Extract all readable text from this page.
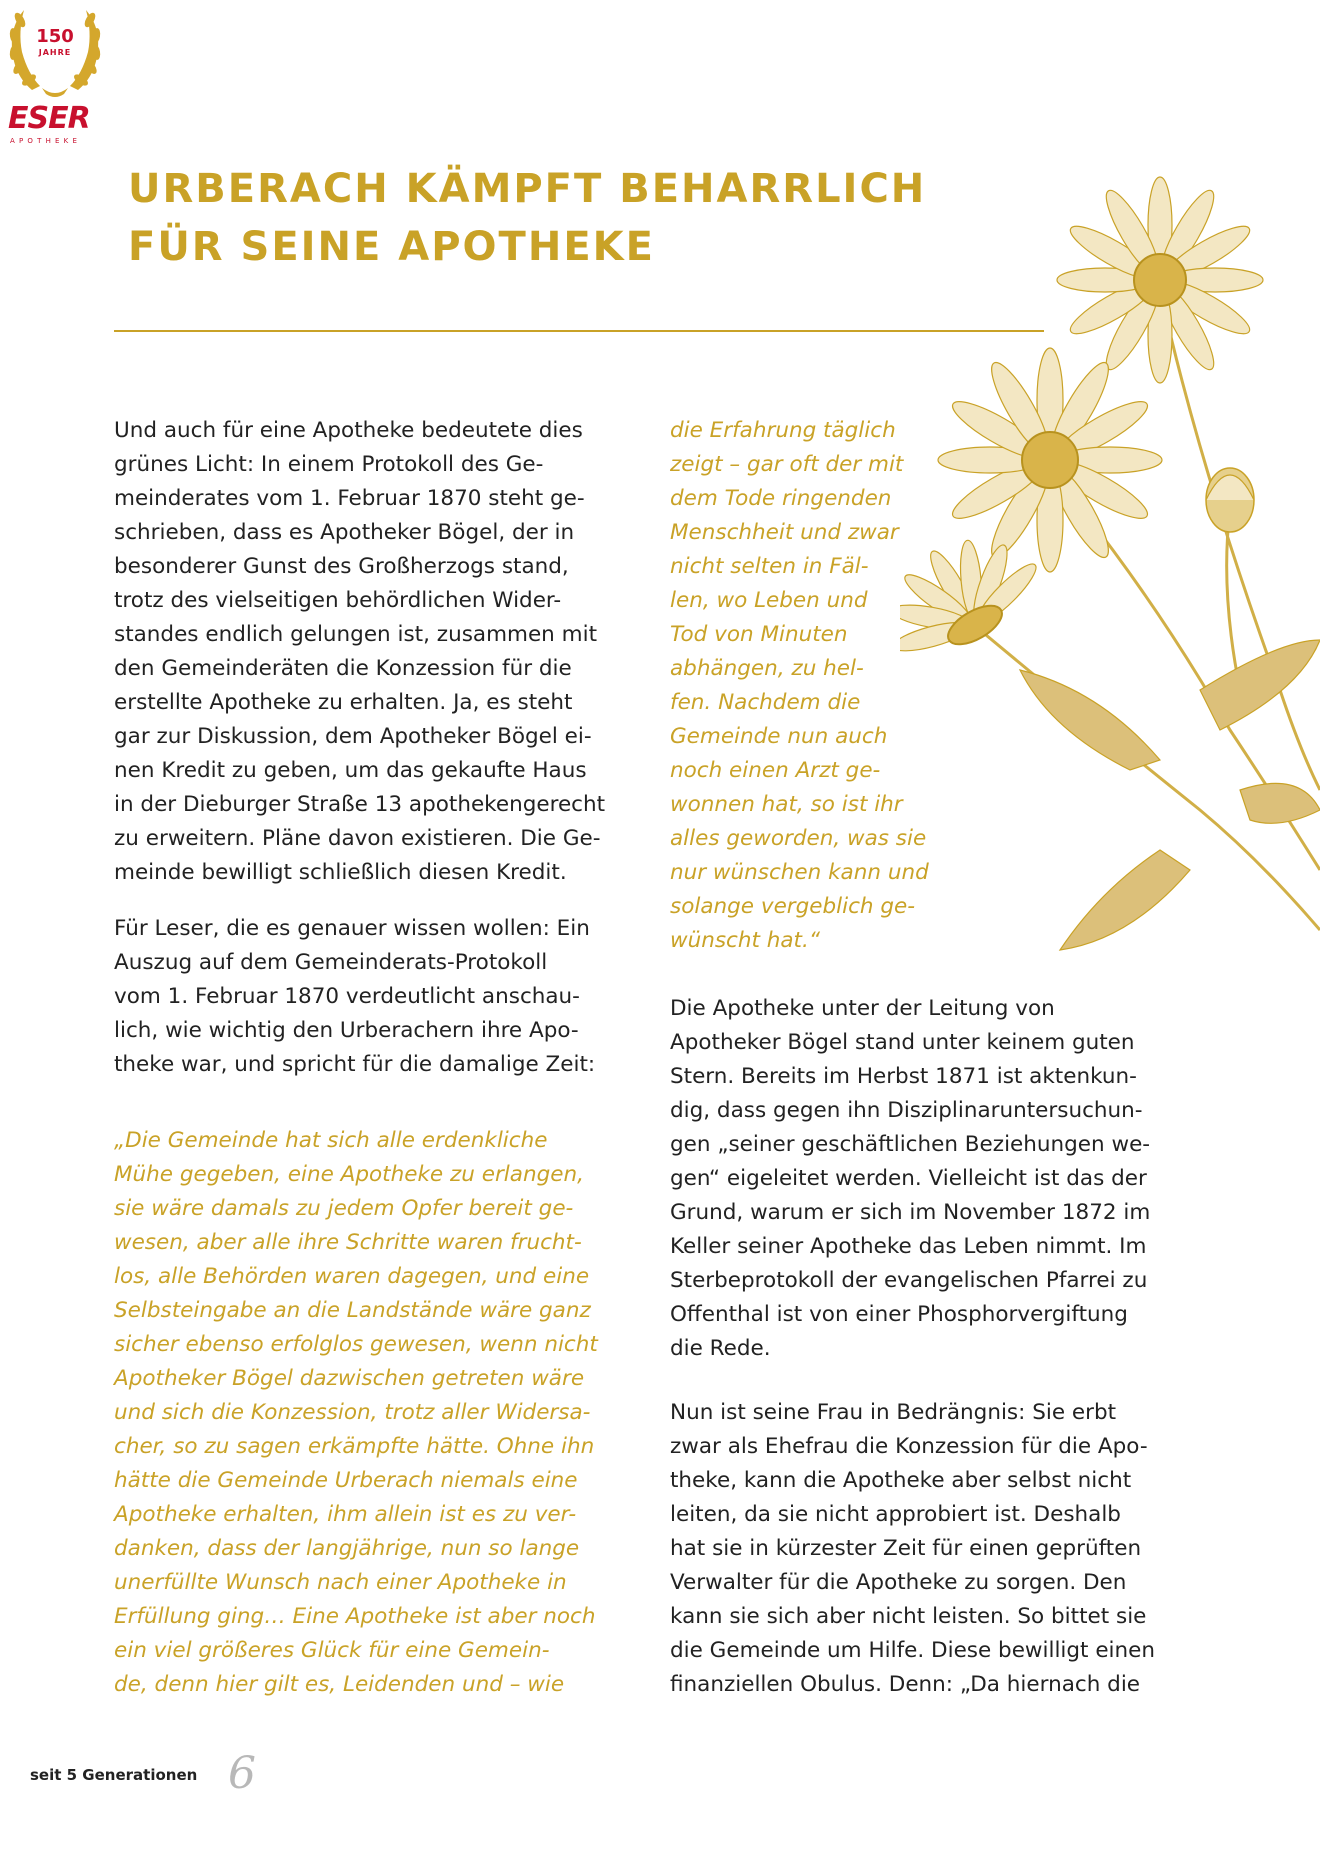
150
JAHRE
ESER
APOTHEKE
URBERACH KÄMPFT BEHARRLICH
FÜR SEINE APOTHEKE
Und auch für eine Apotheke bedeutete dies
grünes Licht: In einem Protokoll des Ge-
meinderates vom 1. Februar 1870 steht ge-
schrieben, dass es Apotheker Bögel, der in
besonderer Gunst des Großherzogs stand,
trotz des vielseitigen behördlichen Wider-
standes endlich gelungen ist, zusammen mit
den Gemeinderäten die Konzession für die
erstellte Apotheke zu erhalten. Ja, es steht
gar zur Diskussion, dem Apotheker Bögel ei-
nen Kredit zu geben, um das gekaufte Haus
in der Dieburger Straße 13 apothekengerecht
zu erweitern. Pläne davon existieren. Die Ge-
meinde bewilligt schließlich diesen Kredit.
Für Leser, die es genauer wissen wollen: Ein
Auszug auf dem Gemeinderats-Protokoll
vom 1. Februar 1870 verdeutlicht anschau-
lich, wie wichtig den Urberachern ihre Apo-
theke war, und spricht für die damalige Zeit:
„Die Gemeinde hat sich alle erdenkliche
Mühe gegeben, eine Apotheke zu erlangen,
sie wäre damals zu jedem Opfer bereit ge-
wesen, aber alle ihre Schritte waren frucht-
los, alle Behörden waren dagegen, und eine
Selbsteingabe an die Landstände wäre ganz
sicher ebenso erfolglos gewesen, wenn nicht
Apotheker Bögel dazwischen getreten wäre
und sich die Konzession, trotz aller Widersa-
cher, so zu sagen erkämpfte hätte. Ohne ihn
hätte die Gemeinde Urberach niemals eine
Apotheke erhalten, ihm allein ist es zu ver-
danken, dass der langjährige, nun so lange
unerfüllte Wunsch nach einer Apotheke in
Erfüllung ging… Eine Apotheke ist aber noch
ein viel größeres Glück für eine Gemein-
de, denn hier gilt es, Leidenden und – wie
die Erfahrung täglich
zeigt – gar oft der mit
dem Tode ringenden
Menschheit und zwar
nicht selten in Fäl-
len, wo Leben und
Tod von Minuten
abhängen, zu hel-
fen. Nachdem die
Gemeinde nun auch
noch einen Arzt ge-
wonnen hat, so ist ihr
alles geworden, was sie
nur wünschen kann und
solange vergeblich ge-
wünscht hat.“
Die Apotheke unter der Leitung von
Apotheker Bögel stand unter keinem guten
Stern. Bereits im Herbst 1871 ist aktenkun-
dig, dass gegen ihn Disziplinaruntersuchun-
gen „seiner geschäftlichen Beziehungen we-
gen“ eigeleitet werden. Vielleicht ist das der
Grund, warum er sich im November 1872 im
Keller seiner Apotheke das Leben nimmt. Im
Sterbeprotokoll der evangelischen Pfarrei zu
Offenthal ist von einer Phosphorvergiftung
die Rede.
Nun ist seine Frau in Bedrängnis: Sie erbt
zwar als Ehefrau die Konzession für die Apo-
theke, kann die Apotheke aber selbst nicht
leiten, da sie nicht approbiert ist. Deshalb
hat sie in kürzester Zeit für einen geprüften
Verwalter für die Apotheke zu sorgen. Den
kann sie sich aber nicht leisten. So bittet sie
die Gemeinde um Hilfe. Diese bewilligt einen
finanziellen Obulus. Denn: „Da hiernach die
seit 5 Generationen 6
